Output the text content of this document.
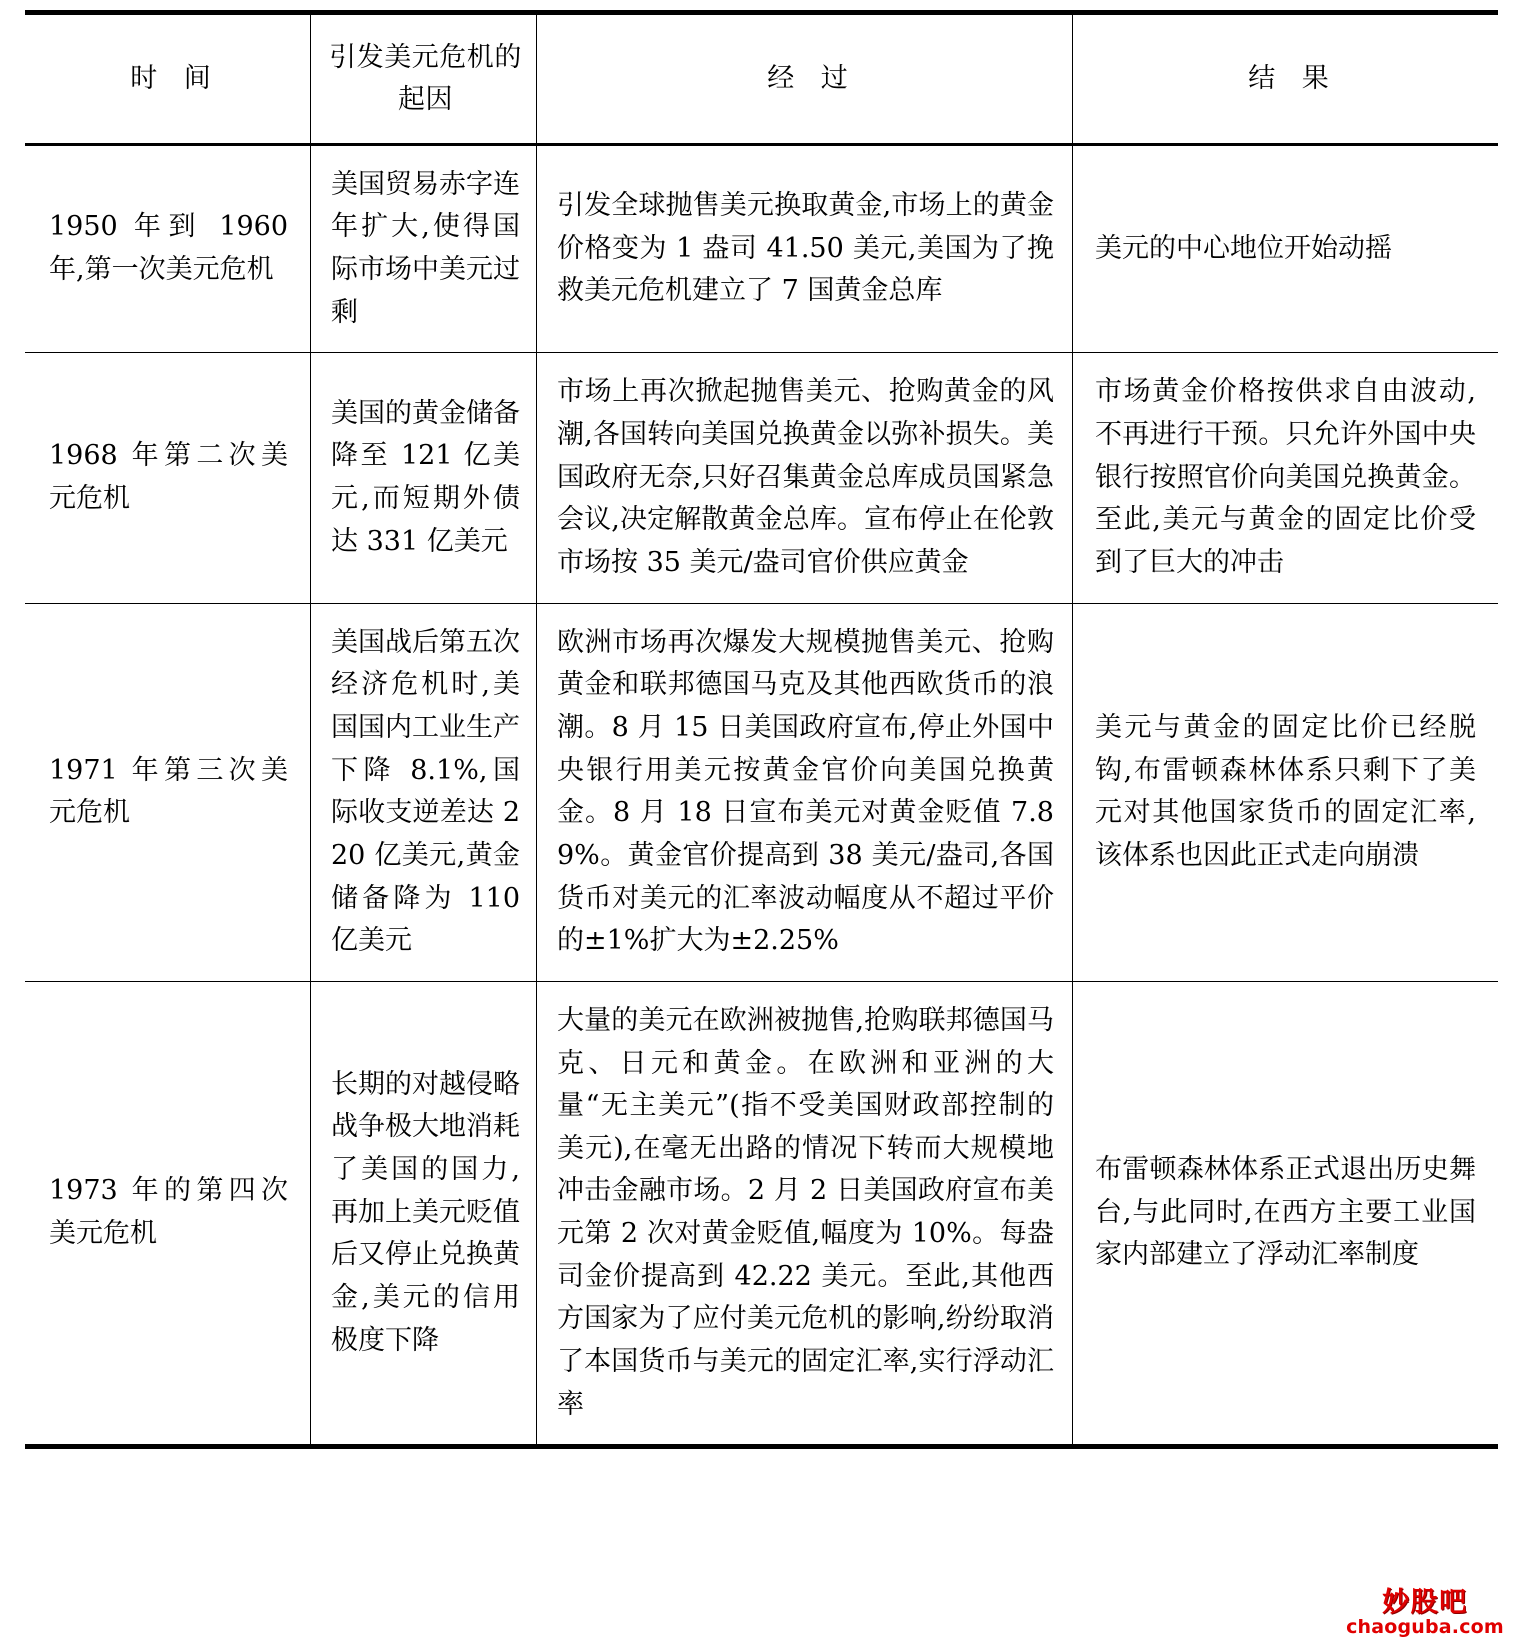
时 间	引发美元危机的起因	经 过	结 果

1950 年到 1960 年,第一次美元危机	美国贸易赤字连年扩大,使得国际市场中美元过剩	引发全球抛售美元换取黄金,市场上的黄金价格变为 1 盎司 41.50 美元,美国为了挽救美元危机建立了 7 国黄金总库	美元的中心地位开始动摇

1968 年第二次美元危机	美国的黄金储备降至 121 亿美元,而短期外债达 331 亿美元	市场上再次掀起抛售美元、抢购黄金的风潮,各国转向美国兑换黄金以弥补损失。美国政府无奈,只好召集黄金总库成员国紧急会议,决定解散黄金总库。宣布停止在伦敦市场按 35 美元/盎司官价供应黄金	市场黄金价格按供求自由波动,不再进行干预。只允许外国中央银行按照官价向美国兑换黄金。至此,美元与黄金的固定比价受到了巨大的冲击

1971 年第三次美元危机	美国战后第五次经济危机时,美国国内工业生产下降 8.1%,国际收支逆差达 220 亿美元,黄金储备降为 110 亿美元	欧洲市场再次爆发大规模抛售美元、抢购黄金和联邦德国马克及其他西欧货币的浪潮。8 月 15 日美国政府宣布,停止外国中央银行用美元按黄金官价向美国兑换黄金。8 月 18 日宣布美元对黄金贬值 7.89%。黄金官价提高到 38 美元/盎司,各国货币对美元的汇率波动幅度从不超过平价的±1%扩大为±2.25%	美元与黄金的固定比价已经脱钩,布雷顿森林体系只剩下了美元对其他国家货币的固定汇率,该体系也因此正式走向崩溃

1973 年的第四次美元危机	长期的对越侵略战争极大地消耗了美国的国力,再加上美元贬值后又停止兑换黄金,美元的信用极度下降	大量的美元在欧洲被抛售,抢购联邦德国马克、日元和黄金。在欧洲和亚洲的大量“无主美元”(指不受美国财政部控制的美元),在毫无出路的情况下转而大规模地冲击金融市场。2 月 2 日美国政府宣布美元第 2 次对黄金贬值,幅度为 10%。每盎司金价提高到 42.22 美元。至此,其他西方国家为了应付美元危机的影响,纷纷取消了本国货币与美元的固定汇率,实行浮动汇率	布雷顿森林体系正式退出历史舞台,与此同时,在西方主要工业国家内部建立了浮动汇率制度
妙股吧
chaoguba.com
